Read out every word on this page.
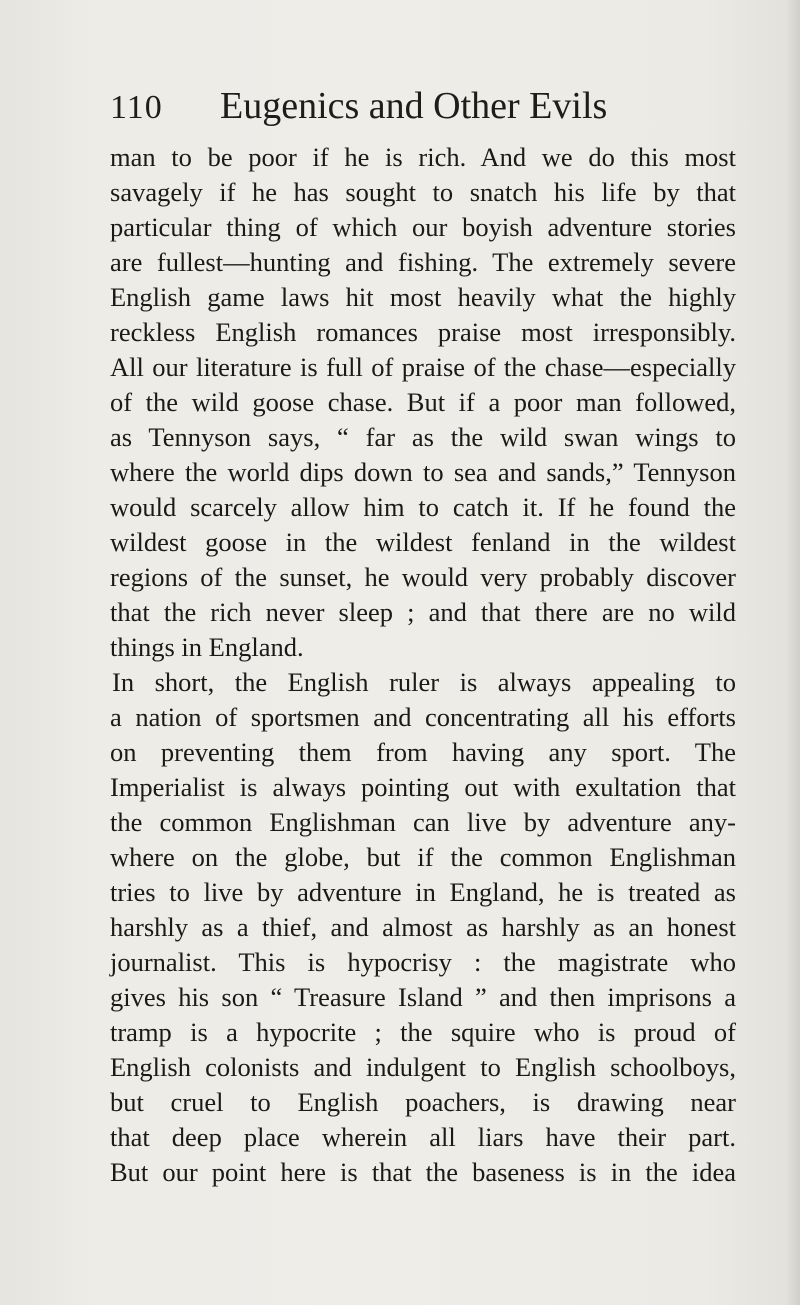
110 Eugenics and Other Evils
man to be poor if he is rich. And we do this most
savagely if he has sought to snatch his life by that
particular thing of which our boyish adventure stories
are fullest—hunting and fishing. The extremely severe
English game laws hit most heavily what the highly
reckless English romances praise most irresponsibly.
All our literature is full of praise of the chase—especially
of the wild goose chase. But if a poor man followed,
as Tennyson says, “ far as the wild swan wings to
where the world dips down to sea and sands,” Tennyson
would scarcely allow him to catch it. If he found the
wildest goose in the wildest fenland in the wildest
regions of the sunset, he would very probably discover
that the rich never sleep ; and that there are no wild
things in England.
In short, the English ruler is always appealing to
a nation of sportsmen and concentrating all his efforts
on preventing them from having any sport. The
Imperialist is always pointing out with exultation that
the common Englishman can live by adventure any-
where on the globe, but if the common Englishman
tries to live by adventure in England, he is treated as
harshly as a thief, and almost as harshly as an honest
journalist. This is hypocrisy : the magistrate who
gives his son “ Treasure Island ” and then imprisons a
tramp is a hypocrite ; the squire who is proud of
English colonists and indulgent to English schoolboys,
but cruel to English poachers, is drawing near
that deep place wherein all liars have their part.
But our point here is that the baseness is in the idea
